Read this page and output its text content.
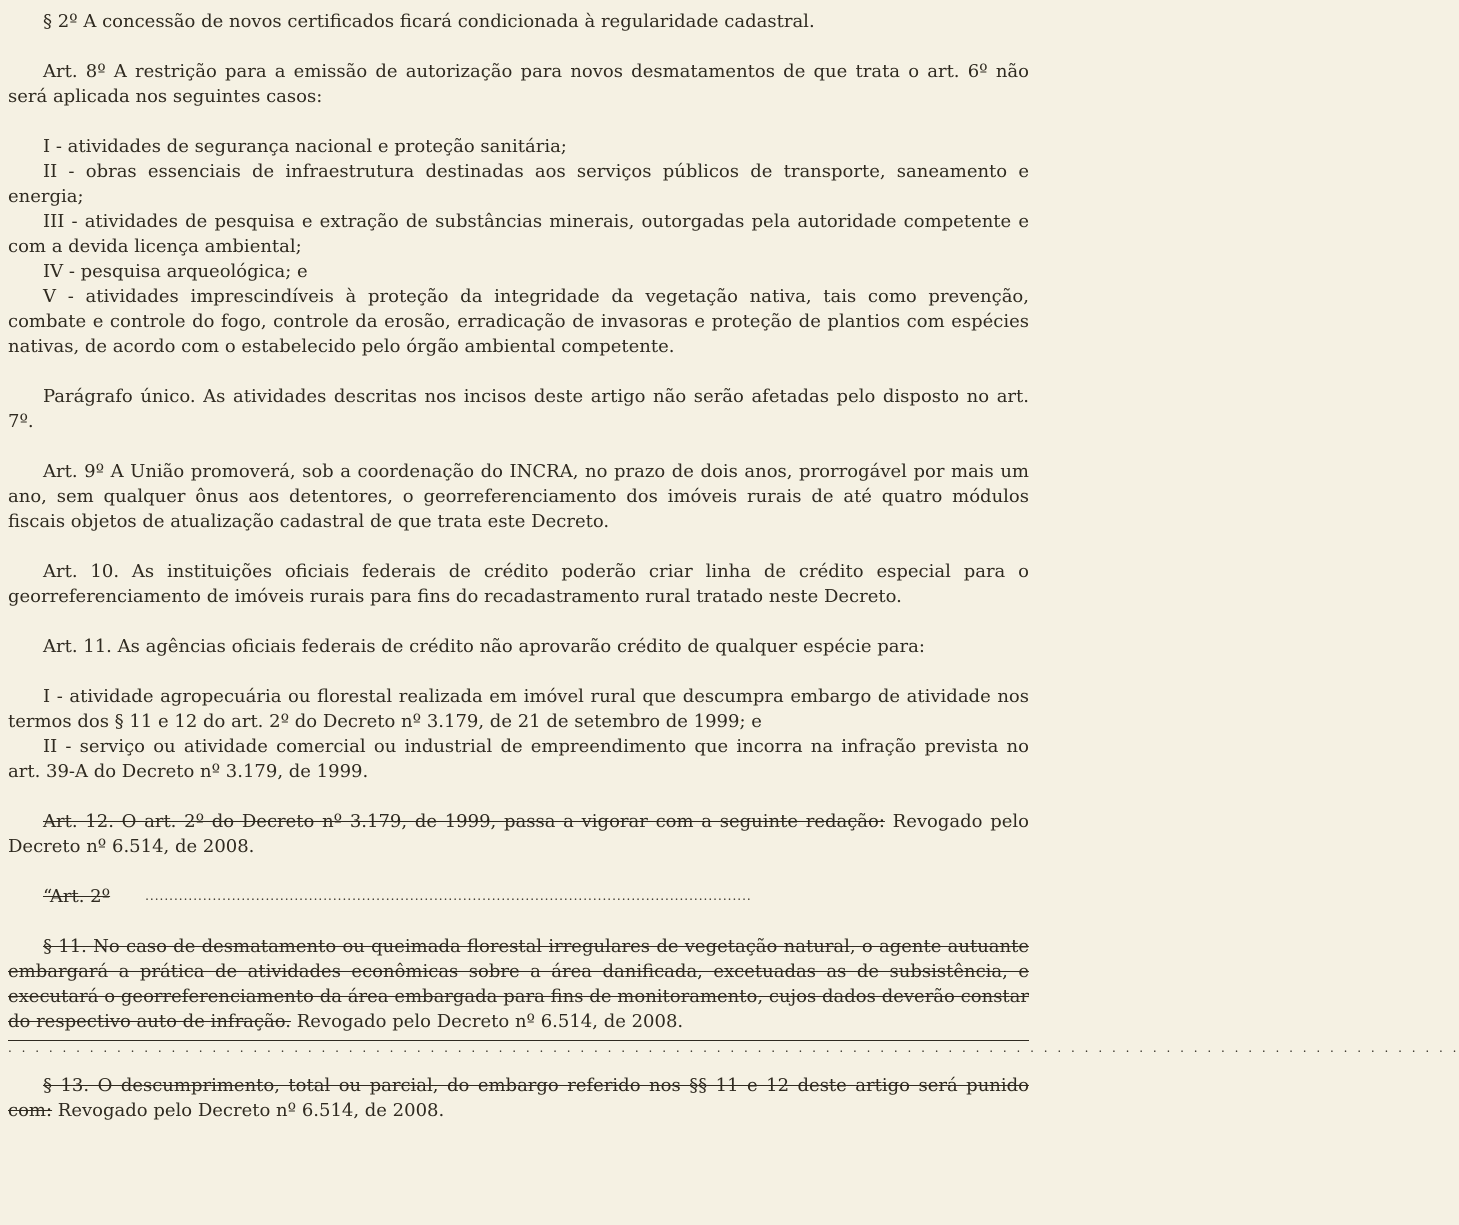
§ 2º A concessão de novos certificados ficará condicionada à regularidade cadastral.

Art. 8º A restrição para a emissão de autorização para novos desmatamentos de que trata o art. 6º não será aplicada nos seguintes casos:

I - atividades de segurança nacional e proteção sanitária;

II - obras essenciais de infraestrutura destinadas aos serviços públicos de transporte, saneamento e energia;

III - atividades de pesquisa e extração de substâncias minerais, outorgadas pela autoridade competente e com a devida licença ambiental;

IV - pesquisa arqueológica; e

V - atividades imprescindíveis à proteção da integridade da vegetação nativa, tais como prevenção, combate e controle do fogo, controle da erosão, erradicação de invasoras e proteção de plantios com espécies nativas, de acordo com o estabelecido pelo órgão ambiental competente.

Parágrafo único. As atividades descritas nos incisos deste artigo não serão afetadas pelo disposto no art. 7º.

Art. 9º A União promoverá, sob a coordenação do INCRA, no prazo de dois anos, prorrogável por mais um ano, sem qualquer ônus aos detentores, o georreferenciamento dos imóveis rurais de até quatro módulos fiscais objetos de atualização cadastral de que trata este Decreto.

Art. 10. As instituições oficiais federais de crédito poderão criar linha de crédito especial para o georreferenciamento de imóveis rurais para fins do recadastramento rural tratado neste Decreto.

Art. 11. As agências oficiais federais de crédito não aprovarão crédito de qualquer espécie para:

I - atividade agropecuária ou florestal realizada em imóvel rural que descumpra embargo de atividade nos termos dos § 11 e 12 do art. 2º do Decreto nº 3.179, de 21 de setembro de 1999; e

II - serviço ou atividade comercial ou industrial de empreendimento que incorra na infração prevista no art. 39-A do Decreto nº 3.179, de 1999.

Art. 12. O art. 2º do Decreto nº 3.179, de 1999, passa a vigorar com a seguinte redação: Revogado pelo Decreto nº 6.514, de 2008.

“Art. 2º	..............................................................................................................................

§ 11. No caso de desmatamento ou queimada florestal irregulares de vegetação natural, o agente autuante embargará a prática de atividades econômicas sobre a área danificada, excetuadas as de subsistência, e executará o georreferenciamento da área embargada para fins de monitoramento, cujos dados deverão constar do respectivo auto de infração. Revogado pelo Decreto nº 6.514, de 2008.

. . . . . . . . . . . . . . . . . . . . . . . . . . . . . . . . . . . . . . . . . . . . . . . . . . . . . . . . . . . . . . . . . . . . . . . . . . . . . . . . . . . . . . . . . . . . . . . . . . . . . . . . . . .

§ 13. O descumprimento, total ou parcial, do embargo referido nos §§ 11 e 12 deste artigo será punido com: Revogado pelo Decreto nº 6.514, de 2008.
